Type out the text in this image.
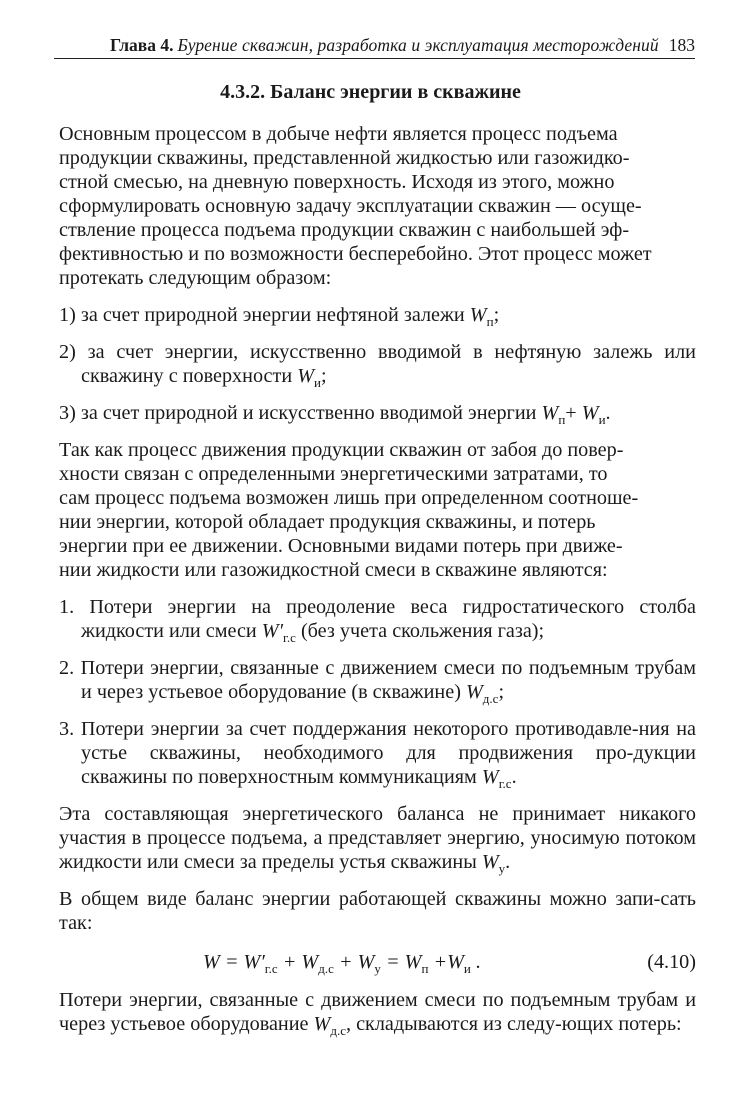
Глава 4. Бурение скважин, разработка и эксплуатация месторождений 183
4.3.2. Баланс энергии в скважине
Основным процессом в добыче нефти является процесс подъема
продукции скважины, представленной жидкостью или газожидко-
стной смесью, на дневную поверхность. Исходя из этого, можно
сформулировать основную задачу эксплуатации скважин — осуще-
ствление процесса подъема продукции скважин с наибольшей эф-
фективностью и по возможности бесперебойно. Этот процесс может
протекать следующим образом:
1) за счет природной энергии нефтяной залежи $W_п$;
2) за счет энергии, искусственно вводимой в нефтяную залежь или скважину с поверхности $W_и$;
3) за счет природной и искусственно вводимой энергии $W_п+ W_и$.
Так как процесс движения продукции скважин от забоя до повер-
хности связан с определенными энергетическими затратами, то
сам процесс подъема возможен лишь при определенном соотноше-
нии энергии, которой обладает продукция скважины, и потерь
энергии при ее движении. Основными видами потерь при движе-
нии жидкости или газожидкостной смеси в скважине являются:
1. Потери энергии на преодоление веса гидростатического столба жидкости или смеси $W'_{г.с}$ (без учета скольжения газа);
2. Потери энергии, связанные с движением смеси по подъемным трубам и через устьевое оборудование (в скважине) $W_{д.с}$;
3. Потери энергии за счет поддержания некоторого противодавле-ния на устье скважины, необходимого для продвижения про-дукции скважины по поверхностным коммуникациям $W_{г.с}$.
Эта составляющая энергетического баланса не принимает никакого участия в процессе подъема, а представляет энергию, уносимую потоком жидкости или смеси за пределы устья скважины $W_у$.
В общем виде баланс энергии работающей скважины можно запи-сать так:
$W = W'_{г.с} + W_{д.с} + W_у = W_п +W_и$ .	(4.10)
Потери энергии, связанные с движением смеси по подъемным трубам и через устьевое оборудование $W_{д.с}$, складываются из следу-ющих потерь:
